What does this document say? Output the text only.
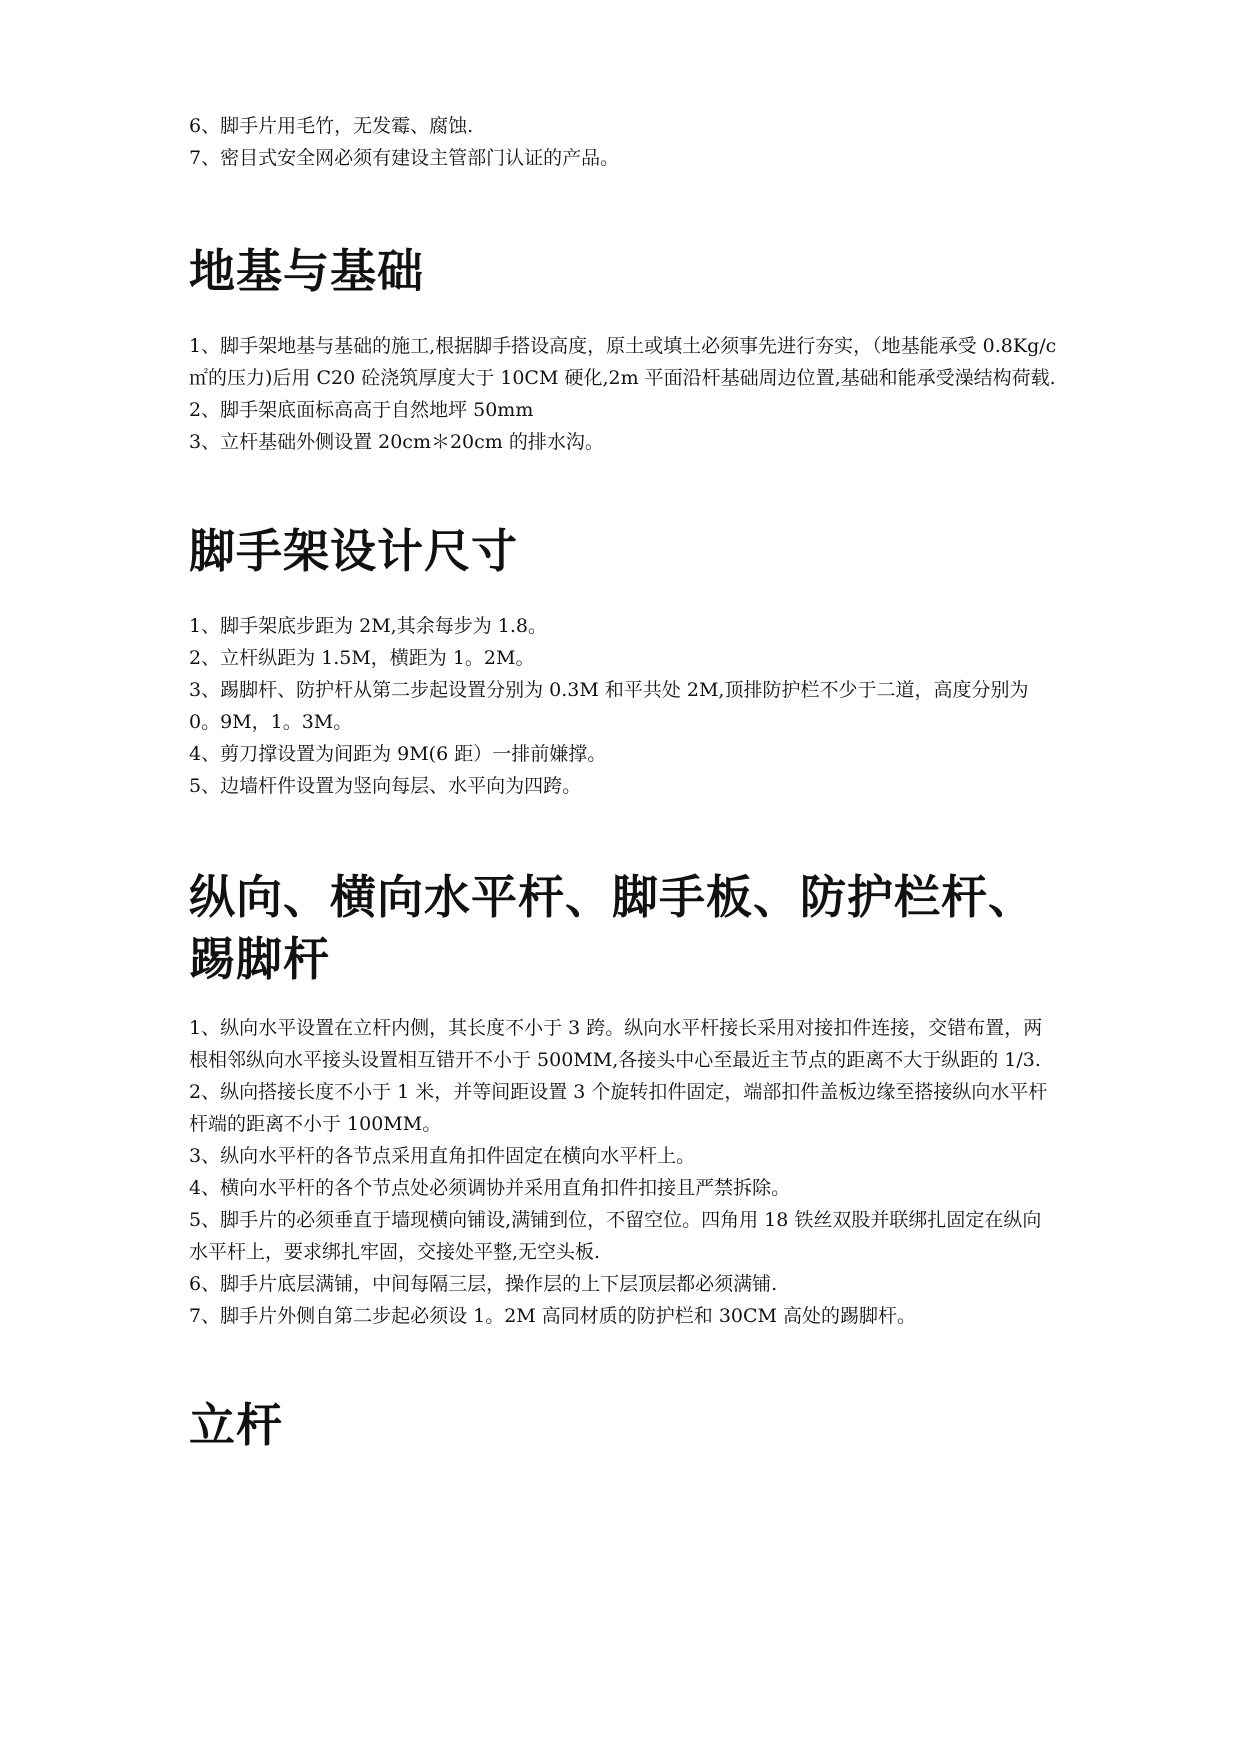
6、脚手片用毛竹，无发霉、腐蚀.

7、密目式安全网必须有建设主管部门认证的产品。

地基与基础

1、脚手架地基与基础的施工,根据脚手搭设高度，原土或填土必须事先进行夯实，（地基能承受 0.8Kg/c㎡的压力)后用 C20 砼浇筑厚度大于 10CM 硬化,2m 平面沿杆基础周边位置,基础和能承受澡结构荷载.

2、脚手架底面标高高于自然地坪 50mm

3、立杆基础外侧设置 20cm＊20cm 的排水沟。

脚手架设计尺寸

1、脚手架底步距为 2M,其余每步为 1.8。

2、立杆纵距为 1.5M，横距为 1。2M。

3、踢脚杆、防护杆从第二步起设置分别为 0.3M 和平共处 2M,顶排防护栏不少于二道，高度分别为 0。9M，1。3M。

4、剪刀撑设置为间距为 9M(6 距）一排前嫌撑。

5、边墙杆件设置为竖向每层、水平向为四跨。

纵向、横向水平杆、脚手板、防护栏杆、踢脚杆

1、纵向水平设置在立杆内侧，其长度不小于 3 跨。纵向水平杆接长采用对接扣件连接，交错布置，两根相邻纵向水平接头设置相互错开不小于 500MM,各接头中心至最近主节点的距离不大于纵距的 1/3.

2、纵向搭接长度不小于 1 米，并等间距设置 3 个旋转扣件固定，端部扣件盖板边缘至搭接纵向水平杆杆端的距离不小于 100MM。

3、纵向水平杆的各节点采用直角扣件固定在横向水平杆上。

4、横向水平杆的各个节点处必须调协并采用直角扣件扣接且严禁拆除。

5、脚手片的必须垂直于墙现横向铺设,满铺到位，不留空位。四角用 18 铁丝双股并联绑扎固定在纵向水平杆上，要求绑扎牢固，交接处平整,无空头板.

6、脚手片底层满铺，中间每隔三层，操作层的上下层顶层都必须满铺.

7、脚手片外侧自第二步起必须设 1。2M 高同材质的防护栏和 30CM 高处的踢脚杆。

立杆
